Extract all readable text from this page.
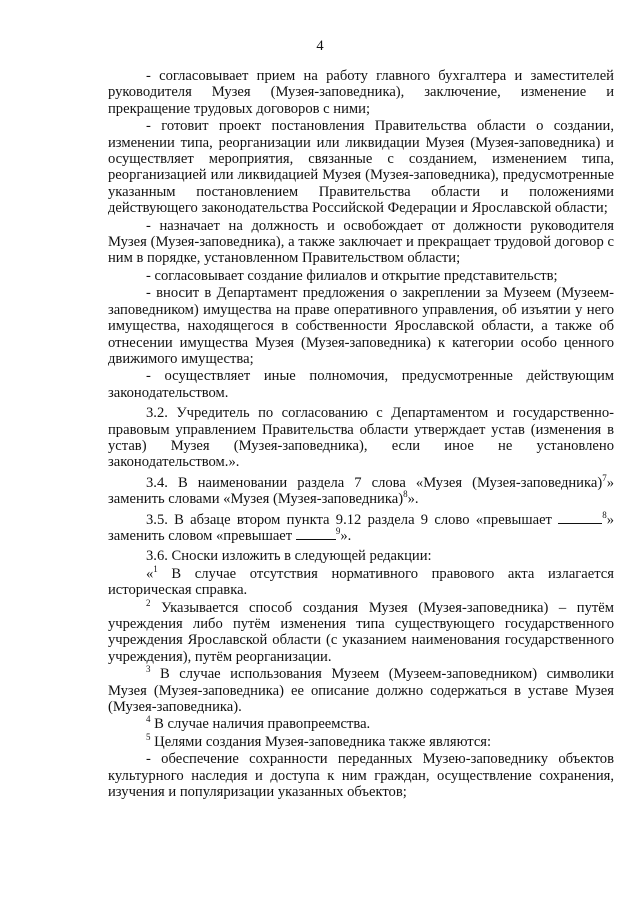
4

- согласовывает прием на работу главного бухгалтера и заместителей руководителя Музея (Музея-заповедника), заключение, изменение и прекращение трудовых договоров с ними;

- готовит проект постановления Правительства области о создании, изменении типа, реорганизации или ликвидации Музея (Музея-заповедника) и осуществляет мероприятия, связанные с созданием, изменением типа, реорганизацией или ликвидацией Музея (Музея-заповедника), предусмотренные указанным постановлением Правительства области и положениями действующего законодательства Российской Федерации и Ярославской области;

- назначает на должность и освобождает от должности руководителя Музея (Музея-заповедника), а также заключает и прекращает трудовой договор с ним в порядке, установленном Правительством области;

- согласовывает создание филиалов и открытие представительств;

- вносит в Департамент предложения о закреплении за Музеем (Музеем-заповедником) имущества на праве оперативного управления, об изъятии у него имущества, находящегося в собственности Ярославской области, а также об отнесении имущества Музея (Музея-заповедника) к категории особо ценного движимого имущества;

- осуществляет иные полномочия, предусмотренные действующим законодательством.

3.2. Учредитель по согласованию с Департаментом и государственно-правовым управлением Правительства области утверждает устав (изменения в устав) Музея (Музея-заповедника), если иное не установлено законодательством.».

3.4. В наименовании раздела 7 слова «Музея (Музея-заповедника)$^7$» заменить словами «Музея (Музея-заповедника)$^8$».

3.5. В абзаце втором пункта 9.12 раздела 9 слово «превышает	$^8$» заменить словом «превышает	$^9$».

3.6. Сноски изложить в следующей редакции:

«$^1$ В случае отсутствия нормативного правового акта излагается историческая справка.

$^2$ Указывается способ создания Музея (Музея-заповедника) – путём учреждения либо путём изменения типа существующего государственного учреждения Ярославской области (с указанием наименования государственного учреждения), путём реорганизации.

$^3$ В случае использования Музеем (Музеем-заповедником) символики Музея (Музея-заповедника) ее описание должно содержаться в уставе Музея (Музея-заповедника).

$^4$ В случае наличия правопреемства.

$^5$ Целями создания Музея-заповедника также являются:

- обеспечение сохранности переданных Музею-заповеднику объектов культурного наследия и доступа к ним граждан, осуществление сохранения, изучения и популяризации указанных объектов;
